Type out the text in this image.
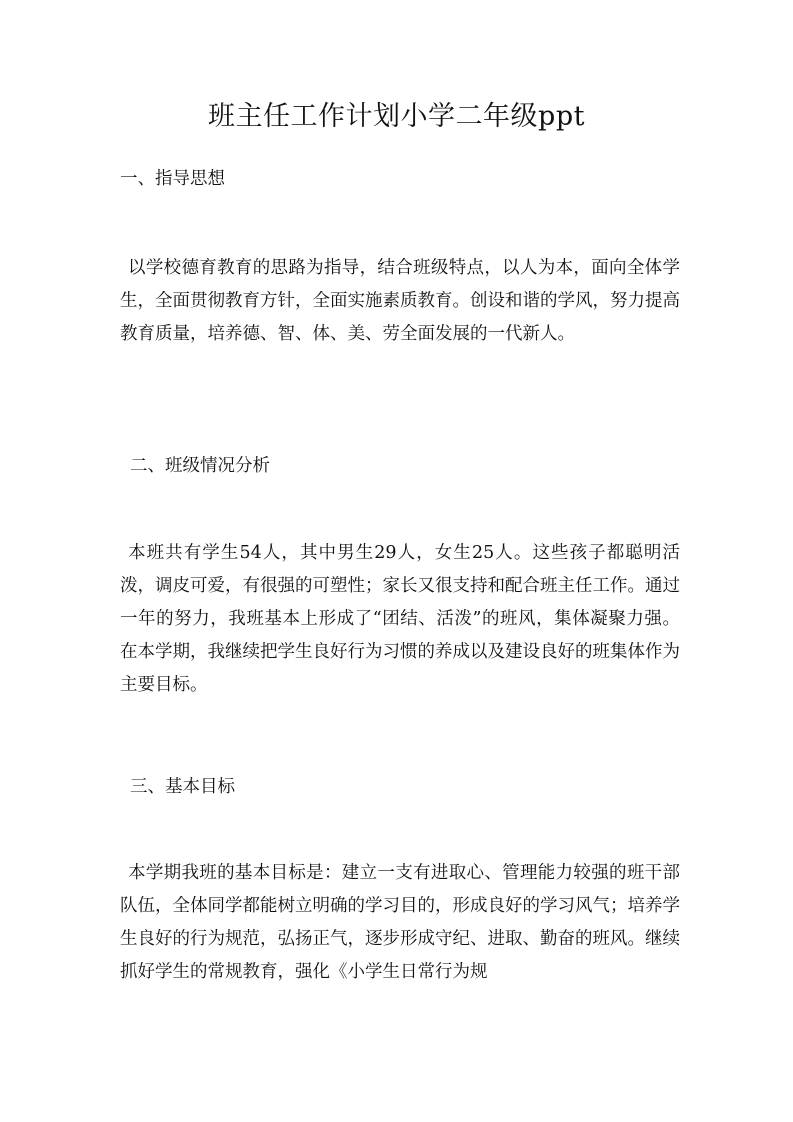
班主任工作计划小学二年级ppt
一、指导思想

以学校德育教育的思路为指导，结合班级特点，以人为本，面向全体学生，全面贯彻教育方针，全面实施素质教育。创设和谐的学风，努力提高教育质量，培养德、智、体、美、劳全面发展的一代新人。

二、班级情况分析

本班共有学生54人，其中男生29人，女生25人。这些孩子都聪明活泼，调皮可爱，有很强的可塑性；家长又很支持和配合班主任工作。通过一年的努力，我班基本上形成了“团结、活泼”的班风，集体凝聚力强。在本学期，我继续把学生良好行为习惯的养成以及建设良好的班集体作为主要目标。

三、基本目标

本学期我班的基本目标是：建立一支有进取心、管理能力较强的班干部队伍，全体同学都能树立明确的学习目的，形成良好的学习风气；培养学生良好的行为规范，弘扬正气，逐步形成守纪、进取、勤奋的班风。继续抓好学生的常规教育，强化《小学生日常行为规
